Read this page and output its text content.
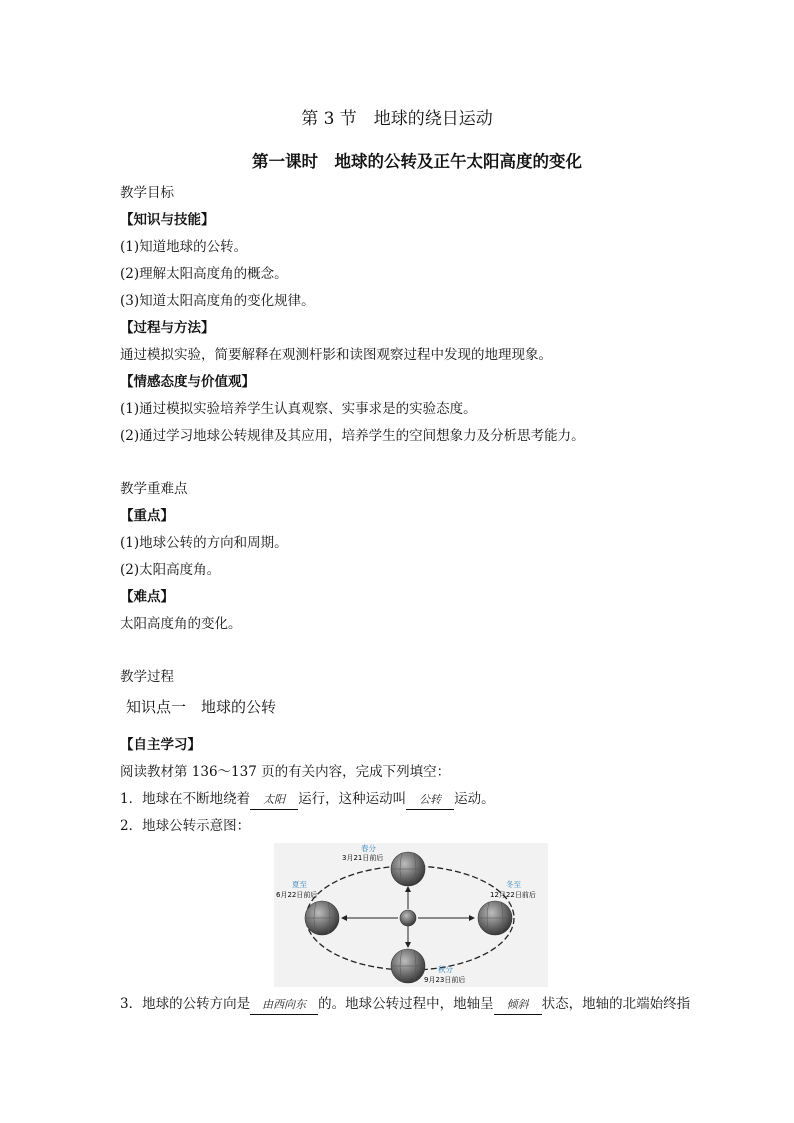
第 3 节　地球的绕日运动
第一课时　地球的公转及正午太阳高度的变化
教学目标
【知识与技能】
(1)知道地球的公转。
(2)理解太阳高度角的概念。
(3)知道太阳高度角的变化规律。
【过程与方法】
通过模拟实验，简要解释在观测杆影和读图观察过程中发现的地理现象。
【情感态度与价值观】
(1)通过模拟实验培养学生认真观察、实事求是的实验态度。
(2)通过学习地球公转规律及其应用，培养学生的空间想象力及分析思考能力。
教学重难点
【重点】
(1)地球公转的方向和周期。
(2)太阳高度角。
【难点】
太阳高度角的变化。
教学过程
知识点一　地球的公转
【自主学习】
阅读教材第 136～137 页的有关内容，完成下列填空：
1．地球在不断地绕着 太阳 运行，这种运动叫 公转 运动。
2．地球公转示意图：
春分
3月21日前后
夏至
6月22日前后
冬至
12月22日前后
秋分
9月23日前后
3．地球的公转方向是 由西向东 的。地球公转过程中，地轴呈 倾斜 状态，地轴的北端始终指
